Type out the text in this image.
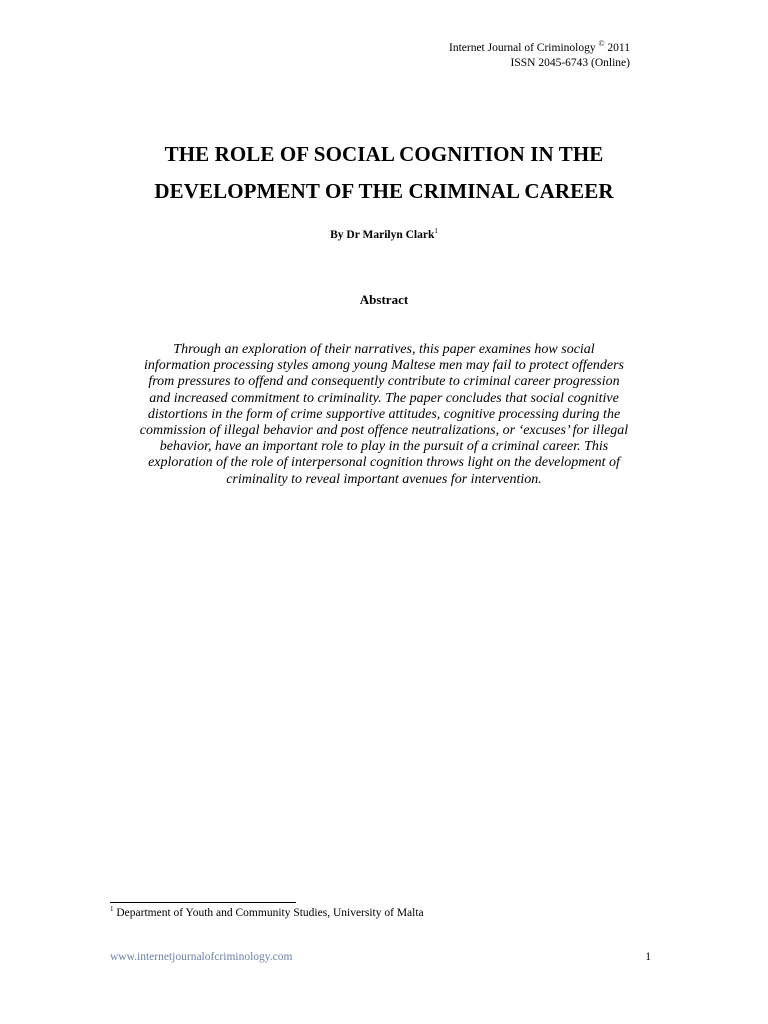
Internet Journal of Criminology © 2011
ISSN 2045-6743 (Online)
THE ROLE OF SOCIAL COGNITION IN THE
DEVELOPMENT OF THE CRIMINAL CAREER
By Dr Marilyn Clark$^1$
Abstract
Through an exploration of their narratives, this paper examines how social
information processing styles among young Maltese men may fail to protect offenders
from pressures to offend and consequently contribute to criminal career progression
and increased commitment to criminality. The paper concludes that social cognitive
distortions in the form of crime supportive attitudes, cognitive processing during the
commission of illegal behavior and post offence neutralizations, or ‘excuses’ for illegal
behavior, have an important role to play in the pursuit of a criminal career. This
exploration of the role of interpersonal cognition throws light on the development of
criminality to reveal important avenues for intervention.
$^1$ Department of Youth and Community Studies, University of Malta
www.internetjournalofcriminology.com	1
